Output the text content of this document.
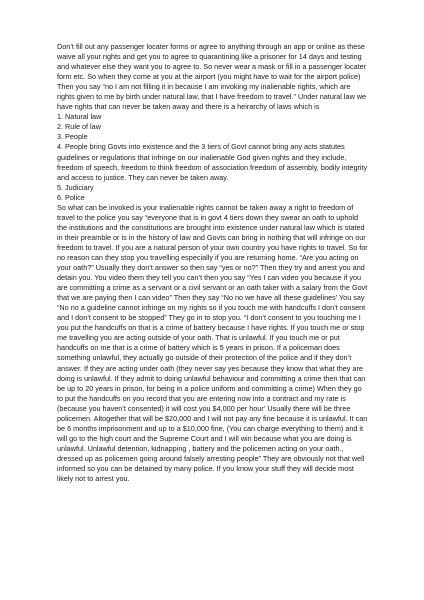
Don’t fill out any passenger locater forms or agree to anything through an app or online as these waive all your rights and get you to agree to quarantining like a prisoner for 14 days and testing and whatever else they want you to agree to. So never wear a mask or fill in a passenger locater form etc. So when they come at you at the airport (you might have to wait for the airport police) Then you say “no I am not filling it in because I am invoking my inalienable rights, which are rights given to me by birth under natural law, that I have freedom to travel.” Under natural law we have rights that can never be taken away and there is a heirarchy of laws which is

1. Natural law
2. Rule of law
3. People
4. People bring Govts into existence and the 3 tiers of Govt cannot bring any acts statutes guidelines or regulations that infringe on our inalienable God given rights and they include, freedom of speech, freedom to think freedom of association freedom of assembly, bodily integrity and access to justice. They can never be taken away.
5. Judiciary
6. Police

So what can be invoked is your inalienable rights cannot be taken away a right to freedom of travel to the police you say “everyone that is in govt 4 tiers down they swear an oath to uphold the institutions and the constitutions are brought into existence under natural law which is stated in their preamble or is in the history of law and Govts can bring in nothing that will infringe on our freedom to travel. If you are a natural person of your own country you have rights to travel. So for no reason can they stop you travelling especially if you are returning home. “Are you acting on your oath?” Usually they don’t answer so then say “yes or no?” Then they try and arrest you and detain you. You video them they tell you can’t then you say “Yes I can video you because if you are committing a crime as a servant or a civil servant or an oath taker with a salary from the Govt that we are paying then I can video” Then they say “No no we have all these guidelines’ You say “No no a guideline cannot infringe on my rights so if you touch me with handcuffs I don’t consent and I don’t consent to be stopped” They go in to stop you. “I don’t consent to you touching me I you put the handcuffs on that is a crime of battery because I have rights. If you touch me or stop me travelling you are acting outside of your oath. That is unlawful. If you touch me or put handcuffs on me that is a crime of battery which is 5 years in prison. If a policeman does something unlawful, they actually go outside of their protection of the police and if they don’t answer. If they are acting under oath (they never say yes because they know that what they are doing is unlawful. If they admit to doing unlawful behaviour and committing a crime then that can be up to 20 years in prison, for being in a police uniform and committing a crime) When they go to put the handcuffs on you record that you are entering now into a contract and my rate is (because you haven’t consented) it will cost you $4,000 per hour’ Usually there will be three policemen. Altogether that will be $20,000 and I will not pay any fine because it is unlawful. It can be 6 months imprisonment and up to a $10,000 fine, (You can charge everything to them) and it will go to the high court and the Supreme Court and I will win because what you are doing is unlawful. Unlawful detention, kidnapping , battery and the policemen acting on your oath., dressed up as policemen going around falsely arresting people” They are obviously not that well informed so you can be detained by many police. If you know your stuff they will decide most likely not to arrest you.
